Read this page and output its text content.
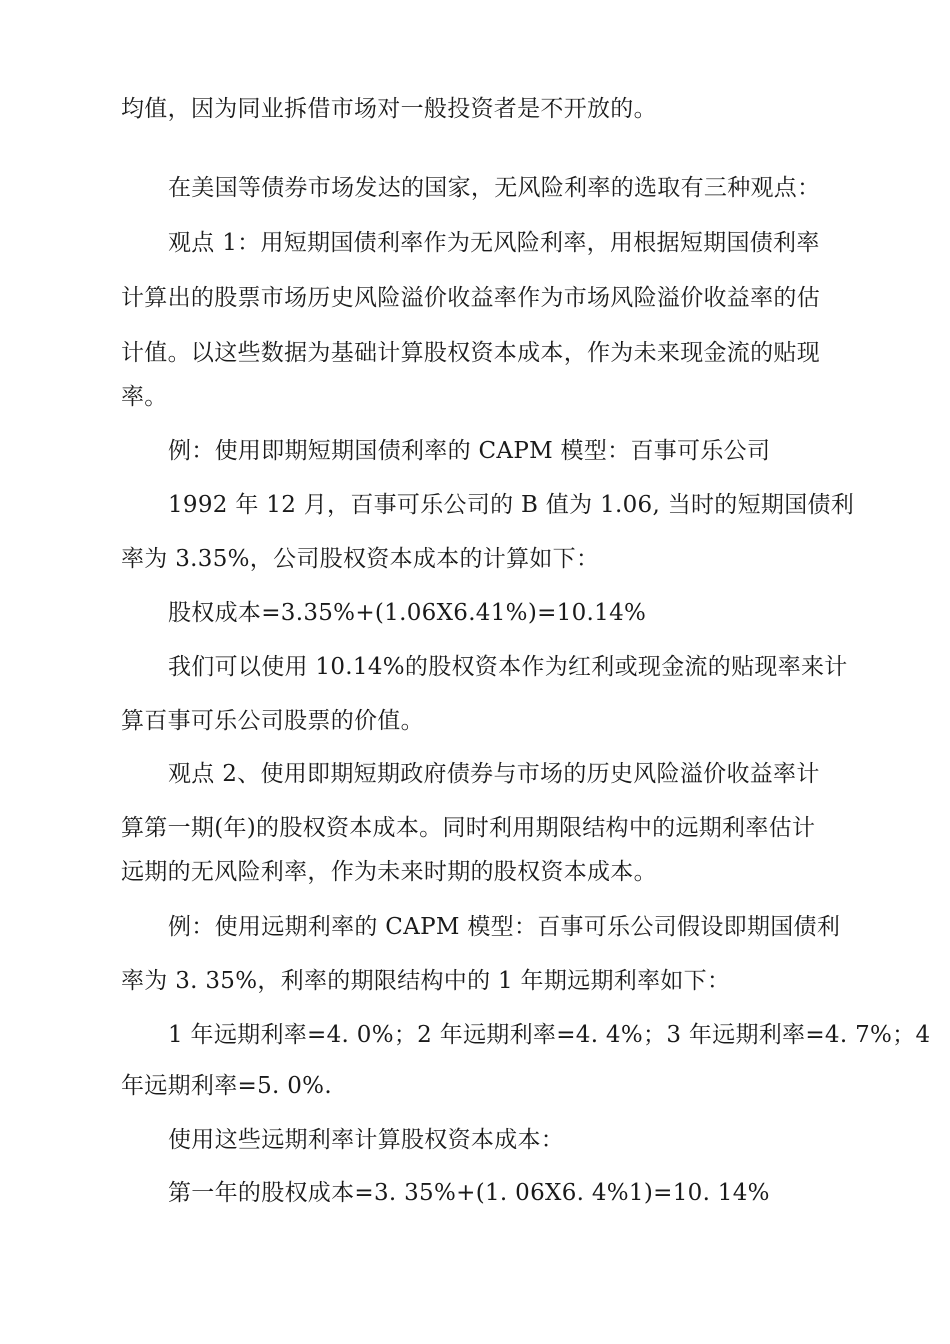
均值，因为同业拆借市场对一般投资者是不开放的。
在美国等债券市场发达的国家，无风险利率的选取有三种观点：
观点 1：用短期国债利率作为无风险利率，用根据短期国债利率
计算出的股票市场历史风险溢价收益率作为市场风险溢价收益率的估
计值。以这些数据为基础计算股权资本成本，作为未来现金流的贴现
率。
例：使用即期短期国债利率的 CAPM 模型：百事可乐公司
1992 年 12 月，百事可乐公司的 B 值为 1.06, 当时的短期国债利
率为 3.35%，公司股权资本成本的计算如下：
股权成本=3.35%+(1.06X6.41%)=10.14%
我们可以使用 10.14%的股权资本作为红利或现金流的贴现率来计
算百事可乐公司股票的价值。
观点 2、使用即期短期政府债券与市场的历史风险溢价收益率计
算第一期(年)的股权资本成本。同时利用期限结构中的远期利率估计
远期的无风险利率，作为未来时期的股权资本成本。
例：使用远期利率的 CAPM 模型：百事可乐公司假设即期国债利
率为 3. 35%，利率的期限结构中的 1 年期远期利率如下：
1 年远期利率=4. 0%；2 年远期利率=4. 4%；3 年远期利率=4. 7%；4
年远期利率=5. 0%.
使用这些远期利率计算股权资本成本：
第一年的股权成本=3. 35%+(1. 06X6. 4%1)=10. 14%
